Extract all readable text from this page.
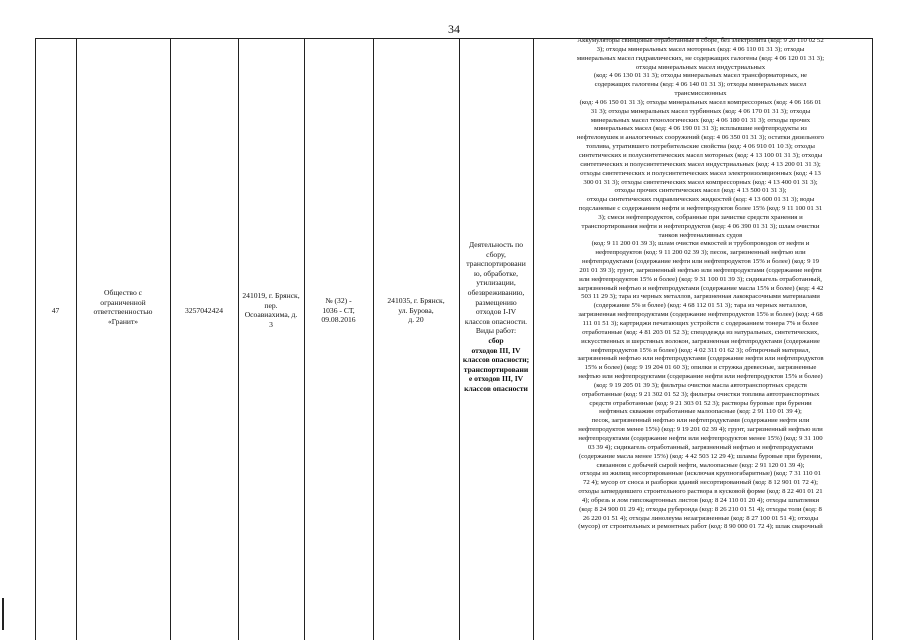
34
47
Общество с
ограниченной
ответственностью
«Гранит»
3257042424
241019, г. Брянск,
пер.
Осоавиахима, д.
3
№ (32) -
1036 - СТ,
09.08.2016
241035, г. Брянск,
ул. Бурова,
д. 20
Деятельность по
сбору,
транспортировани
ю, обработке,
утилизации,
обезвреживанию,
размещению
отходов I-IV
классов опасности.
Виды работ:
сбор
отходов III, IV
классов опасности;
транспортировани
е отходов III, IV
классов опасности
Аккумуляторы свинцовые отработанные в сборе, без электролита (код: 9 20 110 02 52
3); отходы минеральных масел моторных (код: 4 06 110 01 31 3); отходы
минеральных масел гидравлических, не содержащих галогены (код: 4 06 120 01 31 3);
отходы минеральных масел индустриальных
(код: 4 06 130 01 31 3); отходы минеральных масел трансформаторных, не
содержащих галогены (код: 4 06 140 01 31 3); отходы минеральных масел
трансмиссионных
(код: 4 06 150 01 31 3); отходы минеральных масел компрессорных (код: 4 06 166 01
31 3); отходы минеральных масел турбинных (код: 4 06 170 01 31 3); отходы
минеральных масел технологических (код: 4 06 180 01 31 3); отходы прочих
минеральных масел (код: 4 06 190 01 31 3); всплывшие нефтепродукты из
нефтеловушек и аналогичных сооружений (код: 4 06 350 01 31 3); остатки дизельного
топлива, утратившего потребительские свойства (код: 4 06 910 01 10 3); отходы
синтетических и полусинтетических масел моторных (код: 4 13 100 01 31 3); отходы
синтетических и полусинтетических масел индустриальных (код: 4 13 200 01 31 3);
отходы синтетических и полусинтетических масел электроизоляционных (код: 4 13
300 01 31 3); отходы синтетических масел компрессорных (код: 4 13 400 01 31 3);
отходы прочих синтетических масел (код: 4 13 500 01 31 3);
отходы синтетических гидравлических жидкостей (код: 4 13 600 01 31 3); воды
подсланевые с содержанием нефти и нефтепродуктов более 15% (код: 9 11 100 01 31
3); смеси нефтепродуктов, собранные при зачистке средств хранения и
транспортирования нефти и нефтепродуктов (код: 4 06 390 01 31 3); шлам очистки
танков нефтеналивных судов
(код: 9 11 200 01 39 3); шлам очистки емкостей и трубопроводов от нефти и
нефтепродуктов (код: 9 11 200 02 39 3); песок, загрязненный нефтью или
нефтепродуктами (содержание нефти или нефтепродуктов 15% и более) (код: 9 19
201 01 39 3); грунт, загрязненный нефтью или нефтепродуктами (содержание нефти
или нефтепродуктов 15% и более) (код: 9 31 100 01 39 3); сидикагель отработанный,
загрязненный нефтью и нефтепродуктами (содержание масла 15% и более) (код: 4 42
503 11 29 3); тара из черных металлов, загрязненная лакокрасочными материалами
(содержание 5% и более) (код: 4 68 112 01 51 3); тара из черных металлов,
загрязненная нефтепродуктами (содержание нефтепродуктов 15% и более) (код: 4 68
111 01 51 3); картриджи печатающих устройств с содержанием тонера 7% и более
отработанные (код: 4 81 203 01 52 3); спецодежда из натуральных, синтетических,
искусственных и шерстяных волокон, загрязненная нефтепродуктами (содержание
нефтепродуктов 15% и более) (код: 4 02 311 01 62 3); обтирочный материал,
загрязненный нефтью или нефтепродуктами (содержание нефти или нефтепродуктов
15% и более) (код: 9 19 204 01 60 3); опилки и стружка древесные, загрязненные
нефтью или нефтепродуктами (содержание нефти или нефтепродуктов 15% и более)
(код: 9 19 205 01 39 3); фильтры очистки масла автотранспортных средств
отработанные (код: 9 21 302 01 52 3); фильтры очистки топлива автотранспортных
средств отработанные (код: 9 21 303 01 52 3); растворы буровые при бурении
нефтяных скважин отработанные малоопасные (код: 2 91 110 01 39 4);
песок, загрязненный нефтью или нефтепродуктами (содержание нефти или
нефтепродуктов менее 15%) (код: 9 19 201 02 39 4); грунт, загрязненный нефтью или
нефтепродуктами (содержание нефти или нефтепродуктов менее 15%) (код: 9 31 100
03 39 4); сидикагель отработанный, загрязненный нефтью и нефтепродуктами
(содержание масла менее 15%) (код: 4 42 503 12 29 4); шламы буровые при бурении,
связанном с добычей сырой нефти, малоопасные (код: 2 91 120 01 39 4);
отходы из жилищ несортированные (исключая крупногабаритные) (код: 7 31 110 01
72 4); мусор от сноса и разборки зданий несортированный (код: 8 12 901 01 72 4);
отходы затвердевшего строительного раствора в кусковой форме (код: 8 22 401 01 21
4); обрезь и лом гипсокартонных листов (код: 8 24 110 01 20 4); отходы шпатлевки
(код: 8 24 900 01 29 4); отходы рубероида (код: 8 26 210 01 51 4); отходы толи (код: 8
26 220 01 51 4); отходы линолеума незагрязненные (код: 8 27 100 01 51 4); отходы
(мусор) от строительных и ремонтных работ (код: 8 90 000 01 72 4); шлак сварочный
